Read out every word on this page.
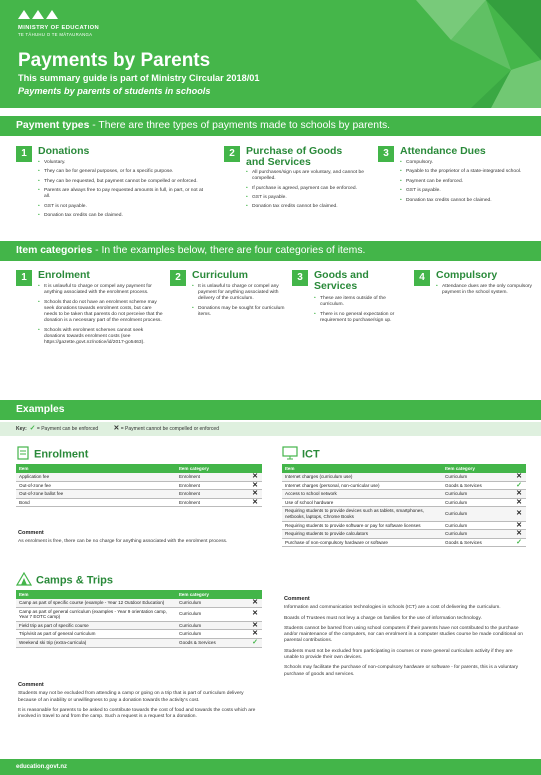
MINISTRY OF EDUCATION
TE TĀHUHU O TE MĀTAURANGA
Payments by Parents
This summary guide is part of Ministry Circular 2018/01
Payments by parents of students in schools
Payment types - There are three types of payments made to schools by parents.
1	Donations
• Voluntary.
• They can be for general purposes, or for a specific purpose.
• They can be requested, but payment cannot be compelled or enforced.
• Parents are always free to pay requested amounts in full, in part, or not at all.
• GST is not payable.
• Donation tax credits can be claimed.
2	Purchase of Goods and Services
• All purchases/sign ups are voluntary, and cannot be compelled.
• If purchase is agreed, payment can be enforced.
• GST is payable.
• Donation tax credits cannot be claimed.
3	Attendance Dues
• Compulsory.
• Payable to the proprietor of a state-integrated school.
• Payment can be enforced.
• GST is payable.
• Donation tax credits cannot be claimed.
Item categories - In the examples below, there are four categories of items.
1	Enrolment
• It is unlawful to charge or compel any payment for anything associated with the enrolment process.
• Schools that do not have an enrolment scheme may seek donations towards enrolment costs, but care needs to be taken that parents do not perceive that the donation is a necessary part of the enrolment process.
• Schools with enrolment schemes cannot seek donations towards enrolment costs (see https://gazette.govt.nz/notice/id/2017-go5463).
2	Curriculum
• It is unlawful to charge or compel any payment for anything associated with delivery of the curriculum.
• Donations may be sought for curriculum items.
3	Goods and Services
• These are items outside of the curriculum.
• There is no general expectation or requirement to purchase/sign up.
4	Compulsory
• Attendance dues are the only compulsory payment in the school system.
Examples
Key: ✓ = Payment can be enforced ✕ = Payment cannot be compelled or enforced
Enrolment
Item	Item category	
Application fee	Enrolment	✕
Out-of-zone fee	Enrolment	✕
Out-of-zone ballot fee	Enrolment	✕
Bond	Enrolment	✕
Comment

As enrolment is free, there can be no charge for anything associated with the enrolment process.

Camps & Trips
Item	Item category	
Camp as part of specific course (example - Year 12 Outdoor Education)	Curriculum	✕
Camp as part of general curriculum (examples - Year 9 orientation camp, Year 7 EOTC camp)	Curriculum	✕
Field trip as part of specific course	Curriculum	✕
Trip/visit as part of general curriculum	Curriculum	✕
Weekend ski trip (extra-curricula)	Goods & Services	✓
Comment

Students may not be excluded from attending a camp or going on a trip that is part of curriculum delivery because of an inability or unwillingness to pay a donation towards the activity's cost.

It is reasonable for parents to be asked to contribute towards the cost of food and towards the costs which are involved in travel to and from the camp. Such a request is a request for a donation.

ICT
Item	Item category	
Internet charges (curriculum use)	Curriculum	✕
Internet charges (personal, non-curricular use)	Goods & Services	✓
Access to school network	Curriculum	✕
Use of school hardware	Curriculum	✕
Requiring students to provide devices such as tablets, smartphones, netbooks, laptops, Chrome Books	Curriculum	✕
Requiring students to provide software or pay for software licenses	Curriculum	✕
Requiring students to provide calculators	Curriculum	✕
Purchase of non-compulsory hardware or software	Goods & Services	✓
Comment

Information and communication technologies in schools (ICT) are a cost of delivering the curriculum.

Boards of Trustees must not levy a charge on families for the use of information technology.

Students cannot be barred from using school computers if their parents have not contributed to the purchase and/or maintenance of the computers, nor can enrolment in a computer studies course be made conditional on parental contributions.

Students must not be excluded from participating in courses or more general curriculum activity if they are unable to provide their own devices.

Schools may facilitate the purchase of non-compulsory hardware or software - for parents, this is a voluntary purchase of goods and services.

education.govt.nz
